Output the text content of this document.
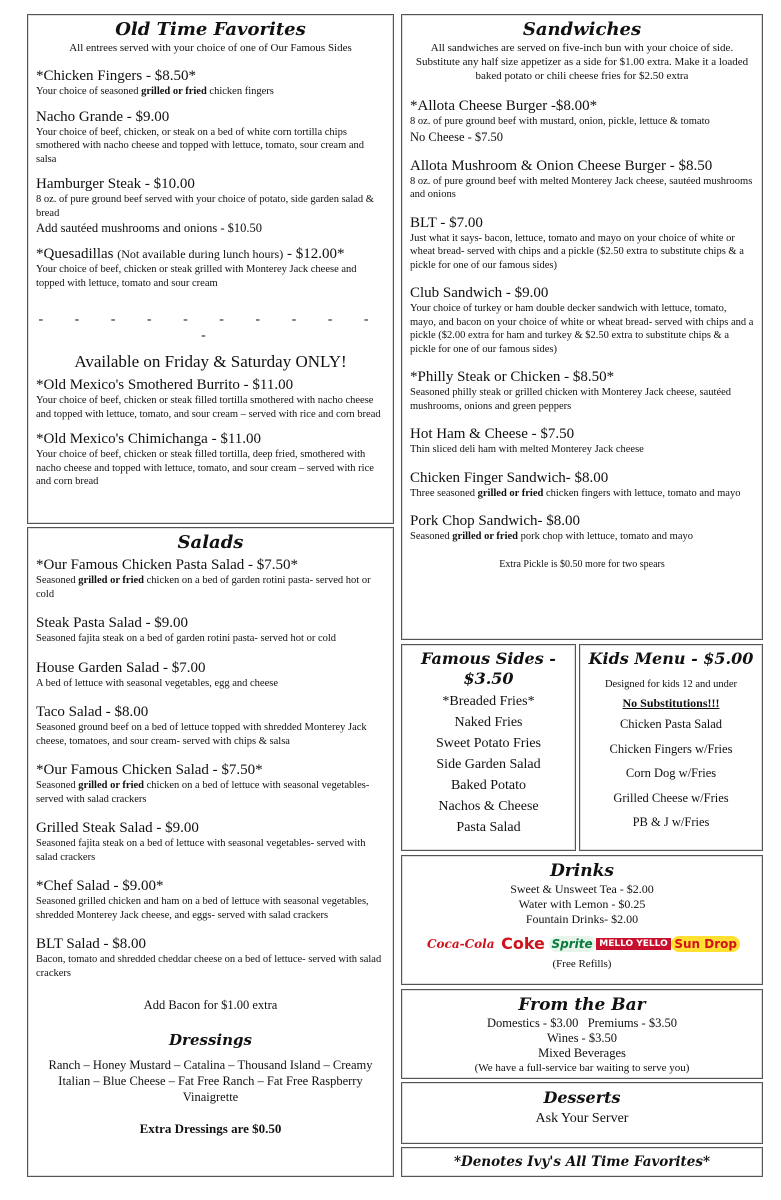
Old Time Favorites
All entrees served with your choice of one of Our Famous Sides
*Chicken Fingers - $8.50*
Your choice of seasoned grilled or fried chicken fingers
Nacho Grande - $9.00
Your choice of beef, chicken, or steak on a bed of white corn tortilla chips smothered with nacho cheese and topped with lettuce, tomato, sour cream and salsa
Hamburger Steak - $10.00
8 oz. of pure ground beef served with your choice of potato, side garden salad & bread
Add sautéed mushrooms and onions - $10.50
*Quesadillas (Not available during lunch hours) - $12.00*
Your choice of beef, chicken or steak grilled with Monterey Jack cheese and topped with lettuce, tomato and sour cream
- - - - - - - - - - -
Available on Friday & Saturday ONLY!
*Old Mexico's Smothered Burrito - $11.00
Your choice of beef, chicken or steak filled tortilla smothered with nacho cheese and topped with lettuce, tomato, and sour cream – served with rice and corn bread
*Old Mexico's Chimichanga - $11.00
Your choice of beef, chicken or steak filled tortilla, deep fried, smothered with nacho cheese and topped with lettuce, tomato, and sour cream – served with rice and corn bread
Sandwiches
All sandwiches are served on five-inch bun with your choice of side. Substitute any half size appetizer as a side for $1.00 extra. Make it a loaded baked potato or chili cheese fries for $2.50 extra
*Allota Cheese Burger -$8.00*
8 oz. of pure ground beef with mustard, onion, pickle, lettuce & tomato
No Cheese - $7.50
Allota Mushroom & Onion Cheese Burger - $8.50
8 oz. of pure ground beef with melted Monterey Jack cheese, sautéed mushrooms and onions
BLT - $7.00
Just what it says- bacon, lettuce, tomato and mayo on your choice of white or wheat bread- served with chips and a pickle ($2.50 extra to substitute chips & a pickle for one of our famous sides)
Club Sandwich - $9.00
Your choice of turkey or ham double decker sandwich with lettuce, tomato, mayo, and bacon on your choice of white or wheat bread- served with chips and a pickle ($2.00 extra for ham and turkey & $2.50 extra to substitute chips & a pickle for one of our famous sides)
*Philly Steak or Chicken - $8.50*
Seasoned philly steak or grilled chicken with Monterey Jack cheese, sautéed mushrooms, onions and green peppers
Hot Ham & Cheese - $7.50
Thin sliced deli ham with melted Monterey Jack cheese
Chicken Finger Sandwich- $8.00
Three seasoned grilled or fried chicken fingers with lettuce, tomato and mayo
Pork Chop Sandwich- $8.00
Seasoned grilled or fried pork chop with lettuce, tomato and mayo
Extra Pickle is $0.50 more for two spears
Salads
*Our Famous Chicken Pasta Salad - $7.50*
Seasoned grilled or fried chicken on a bed of garden rotini pasta- served hot or cold
Steak Pasta Salad - $9.00
Seasoned fajita steak on a bed of garden rotini pasta- served hot or cold
House Garden Salad - $7.00
A bed of lettuce with seasonal vegetables, egg and cheese
Taco Salad - $8.00
Seasoned ground beef on a bed of lettuce topped with shredded Monterey Jack cheese, tomatoes, and sour cream- served with chips & salsa
*Our Famous Chicken Salad - $7.50*
Seasoned grilled or fried chicken on a bed of lettuce with seasonal vegetables- served with salad crackers
Grilled Steak Salad - $9.00
Seasoned fajita steak on a bed of lettuce with seasonal vegetables- served with salad crackers
*Chef Salad - $9.00*
Seasoned grilled chicken and ham on a bed of lettuce with seasonal vegetables, shredded Monterey Jack cheese, and eggs- served with salad crackers
BLT Salad - $8.00
Bacon, tomato and shredded cheddar cheese on a bed of lettuce- served with salad crackers
Add Bacon for $1.00 extra
Dressings
Ranch – Honey Mustard – Catalina – Thousand Island – Creamy Italian – Blue Cheese – Fat Free Ranch – Fat Free Raspberry Vinaigrette
Extra Dressings are $0.50
Famous Sides - $3.50
*Breaded Fries*
Naked Fries
Sweet Potato Fries
Side Garden Salad
Baked Potato
Nachos & Cheese
Pasta Salad
Kids Menu - $5.00
Designed for kids 12 and under
No Substitutions!!!
Chicken Pasta Salad
Chicken Fingers w/Fries
Corn Dog w/Fries
Grilled Cheese w/Fries
PB & J w/Fries
Drinks
Sweet & Unsweet Tea - $2.00
Water with Lemon - $0.25
Fountain Drinks- $2.00
Coca-Cola Coke Sprite MELLO YELLO Sun Drop
(Free Refills)
From the Bar
Domestics - $3.00   Premiums - $3.50
Wines - $3.50
Mixed Beverages
(We have a full-service bar waiting to serve you)
Desserts
Ask Your Server
*Denotes Ivy's All Time Favorites*
